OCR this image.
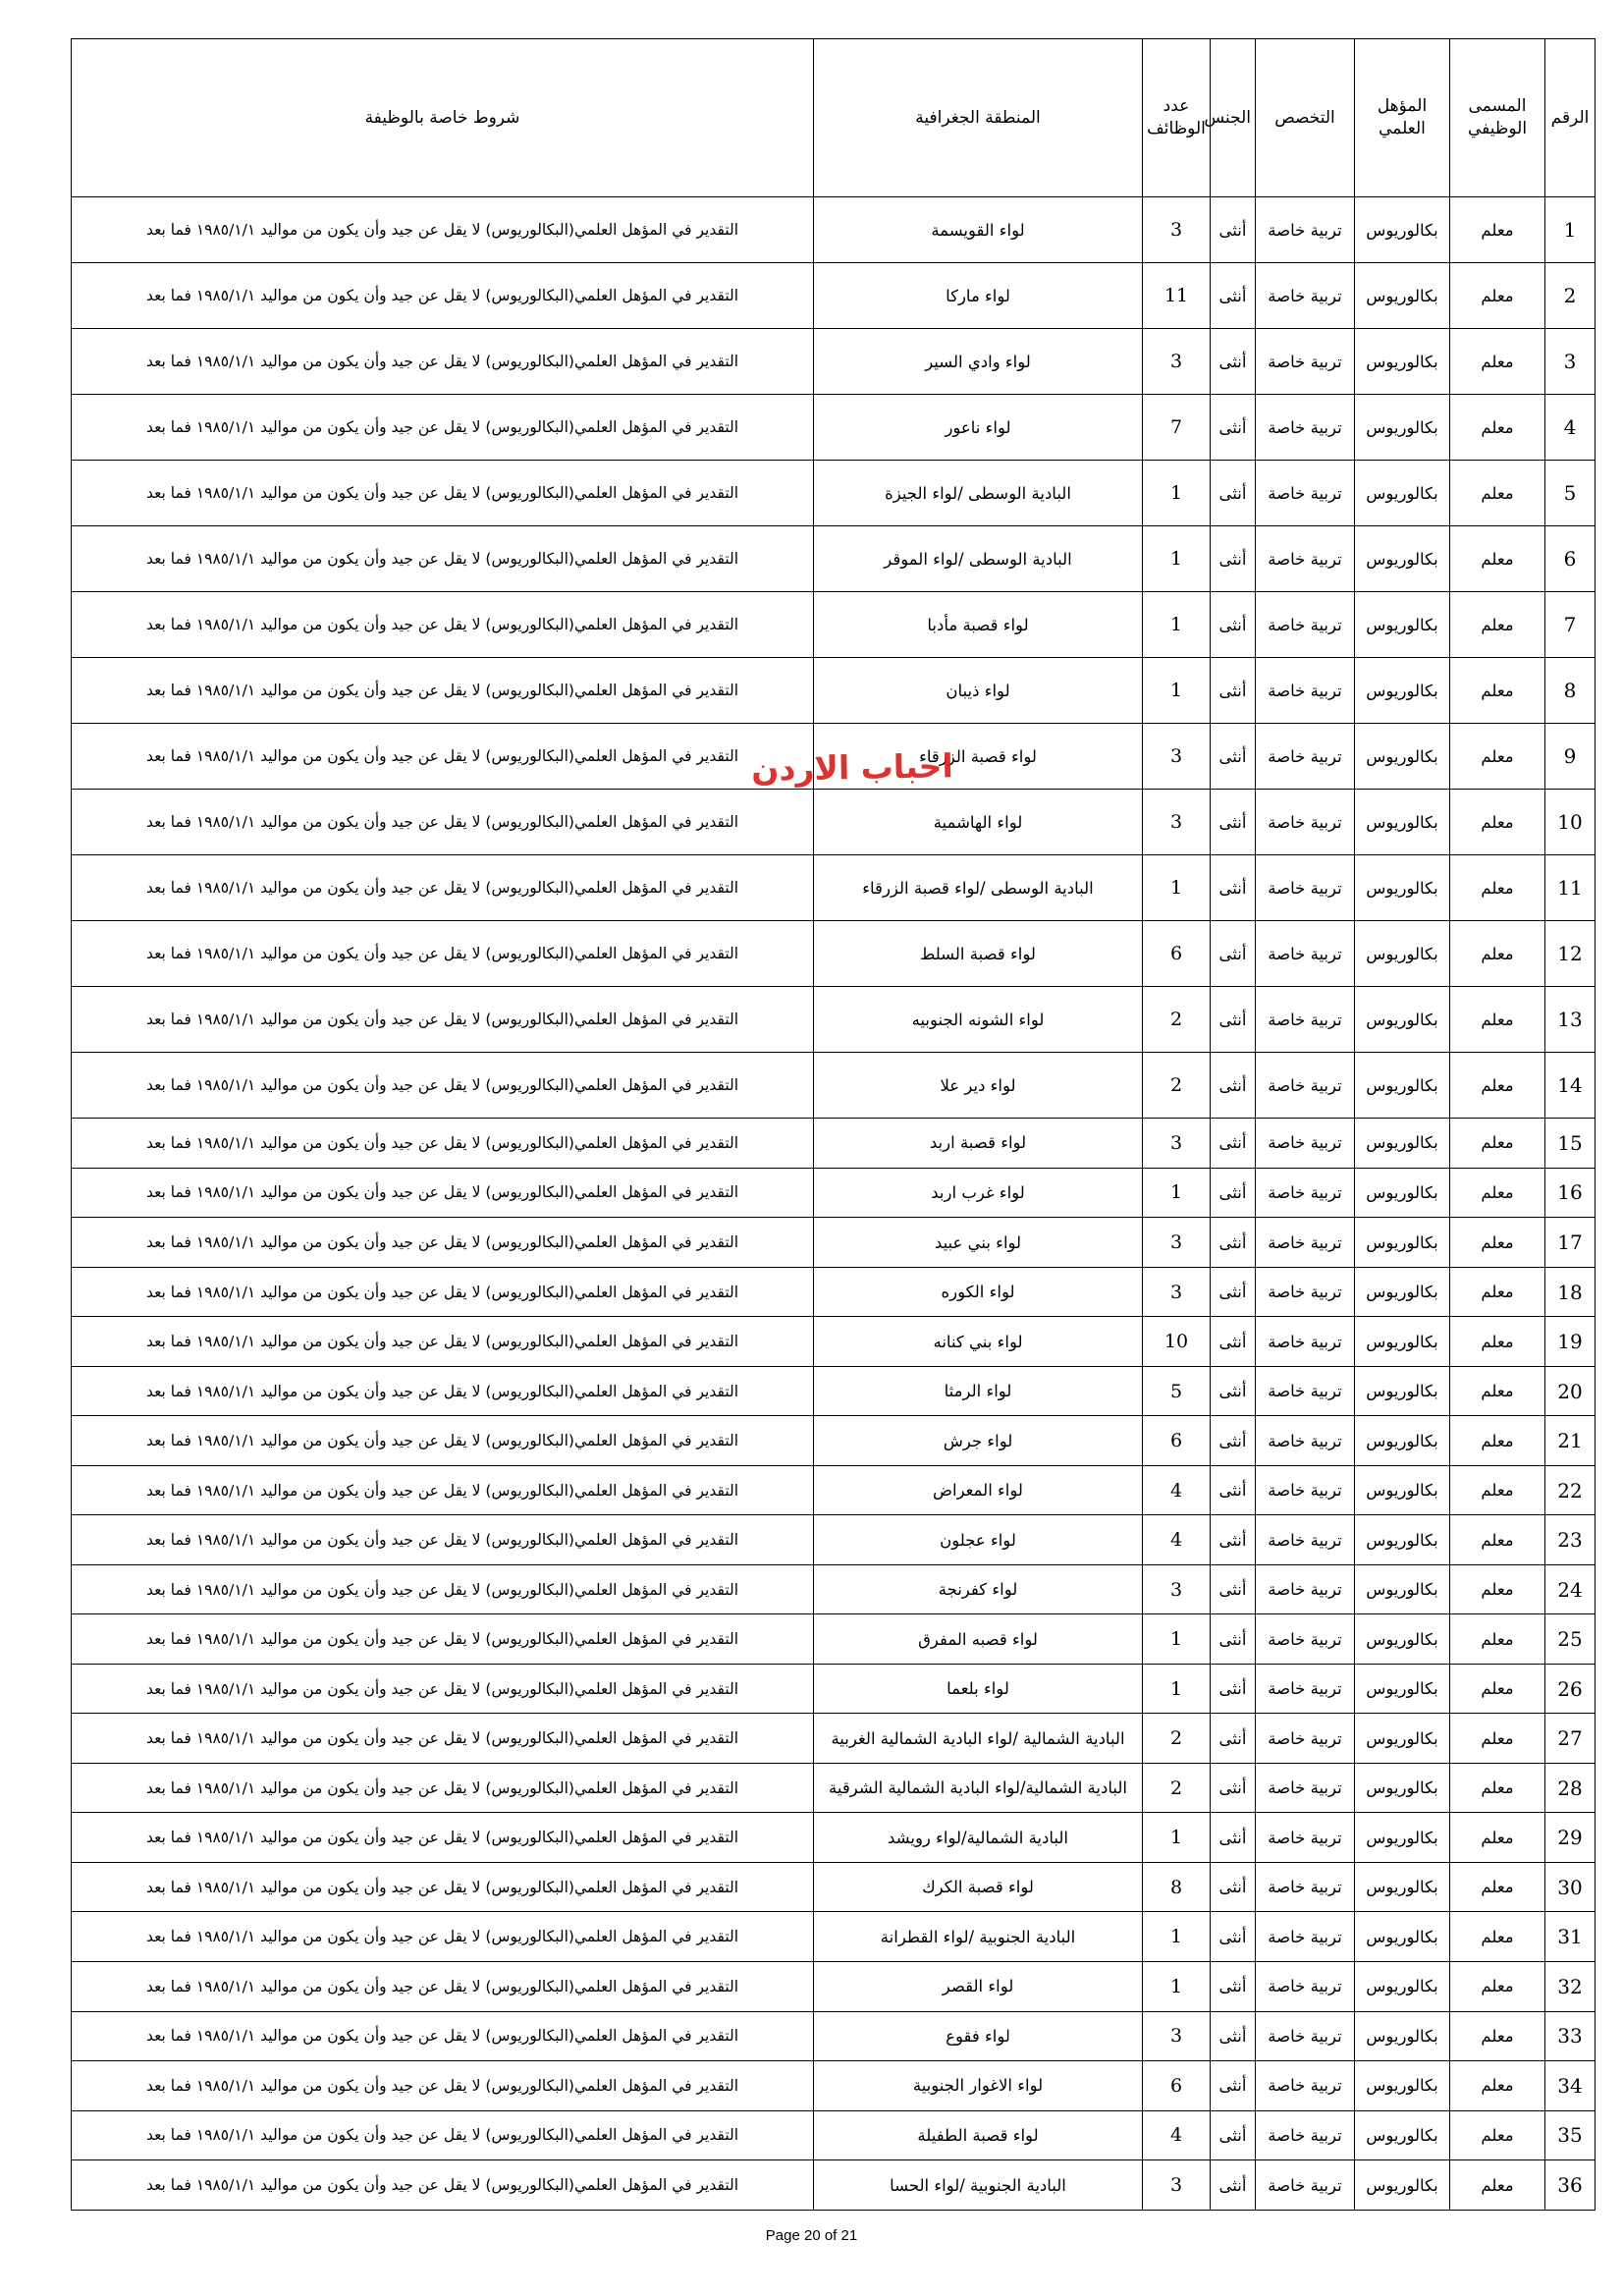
الرقم	المسمى الوظيفي	المؤهل العلمي	التخصص	الجنس	عدد الوظائف	المنطقة الجغرافية	شروط خاصة بالوظيفة
1	معلم	بكالوريوس	تربية خاصة	أنثى	3	لواء القويسمة	التقدير في المؤهل العلمي(البكالوريوس) لا يقل عن جيد وأن يكون من مواليد ١٩٨٥/١/١ فما بعد
2	معلم	بكالوريوس	تربية خاصة	أنثى	11	لواء ماركا	التقدير في المؤهل العلمي(البكالوريوس) لا يقل عن جيد وأن يكون من مواليد ١٩٨٥/١/١ فما بعد
3	معلم	بكالوريوس	تربية خاصة	أنثى	3	لواء وادي السير	التقدير في المؤهل العلمي(البكالوريوس) لا يقل عن جيد وأن يكون من مواليد ١٩٨٥/١/١ فما بعد
4	معلم	بكالوريوس	تربية خاصة	أنثى	7	لواء ناعور	التقدير في المؤهل العلمي(البكالوريوس) لا يقل عن جيد وأن يكون من مواليد ١٩٨٥/١/١ فما بعد
5	معلم	بكالوريوس	تربية خاصة	أنثى	1	البادية الوسطى /لواء الجيزة	التقدير في المؤهل العلمي(البكالوريوس) لا يقل عن جيد وأن يكون من مواليد ١٩٨٥/١/١ فما بعد
6	معلم	بكالوريوس	تربية خاصة	أنثى	1	البادية الوسطى /لواء الموقر	التقدير في المؤهل العلمي(البكالوريوس) لا يقل عن جيد وأن يكون من مواليد ١٩٨٥/١/١ فما بعد
7	معلم	بكالوريوس	تربية خاصة	أنثى	1	لواء قصبة مأدبا	التقدير في المؤهل العلمي(البكالوريوس) لا يقل عن جيد وأن يكون من مواليد ١٩٨٥/١/١ فما بعد
8	معلم	بكالوريوس	تربية خاصة	أنثى	1	لواء ذيبان	التقدير في المؤهل العلمي(البكالوريوس) لا يقل عن جيد وأن يكون من مواليد ١٩٨٥/١/١ فما بعد
9	معلم	بكالوريوس	تربية خاصة	أنثى	3	لواء قصبة الزرقاء	التقدير في المؤهل العلمي(البكالوريوس) لا يقل عن جيد وأن يكون من مواليد ١٩٨٥/١/١ فما بعد
10	معلم	بكالوريوس	تربية خاصة	أنثى	3	لواء الهاشمية	التقدير في المؤهل العلمي(البكالوريوس) لا يقل عن جيد وأن يكون من مواليد ١٩٨٥/١/١ فما بعد
11	معلم	بكالوريوس	تربية خاصة	أنثى	1	البادية الوسطى /لواء قصبة الزرقاء	التقدير في المؤهل العلمي(البكالوريوس) لا يقل عن جيد وأن يكون من مواليد ١٩٨٥/١/١ فما بعد
12	معلم	بكالوريوس	تربية خاصة	أنثى	6	لواء قصبة السلط	التقدير في المؤهل العلمي(البكالوريوس) لا يقل عن جيد وأن يكون من مواليد ١٩٨٥/١/١ فما بعد
13	معلم	بكالوريوس	تربية خاصة	أنثى	2	لواء الشونه الجنوبيه	التقدير في المؤهل العلمي(البكالوريوس) لا يقل عن جيد وأن يكون من مواليد ١٩٨٥/١/١ فما بعد
14	معلم	بكالوريوس	تربية خاصة	أنثى	2	لواء دير علا	التقدير في المؤهل العلمي(البكالوريوس) لا يقل عن جيد وأن يكون من مواليد ١٩٨٥/١/١ فما بعد
15	معلم	بكالوريوس	تربية خاصة	أنثى	3	لواء قصبة اربد	التقدير في المؤهل العلمي(البكالوريوس) لا يقل عن جيد وأن يكون من مواليد ١٩٨٥/١/١ فما بعد
16	معلم	بكالوريوس	تربية خاصة	أنثى	1	لواء غرب اربد	التقدير في المؤهل العلمي(البكالوريوس) لا يقل عن جيد وأن يكون من مواليد ١٩٨٥/١/١ فما بعد
17	معلم	بكالوريوس	تربية خاصة	أنثى	3	لواء بني عبيد	التقدير في المؤهل العلمي(البكالوريوس) لا يقل عن جيد وأن يكون من مواليد ١٩٨٥/١/١ فما بعد
18	معلم	بكالوريوس	تربية خاصة	أنثى	3	لواء الكوره	التقدير في المؤهل العلمي(البكالوريوس) لا يقل عن جيد وأن يكون من مواليد ١٩٨٥/١/١ فما بعد
19	معلم	بكالوريوس	تربية خاصة	أنثى	10	لواء بني كنانه	التقدير في المؤهل العلمي(البكالوريوس) لا يقل عن جيد وأن يكون من مواليد ١٩٨٥/١/١ فما بعد
20	معلم	بكالوريوس	تربية خاصة	أنثى	5	لواء الرمثا	التقدير في المؤهل العلمي(البكالوريوس) لا يقل عن جيد وأن يكون من مواليد ١٩٨٥/١/١ فما بعد
21	معلم	بكالوريوس	تربية خاصة	أنثى	6	لواء جرش	التقدير في المؤهل العلمي(البكالوريوس) لا يقل عن جيد وأن يكون من مواليد ١٩٨٥/١/١ فما بعد
22	معلم	بكالوريوس	تربية خاصة	أنثى	4	لواء المعراض	التقدير في المؤهل العلمي(البكالوريوس) لا يقل عن جيد وأن يكون من مواليد ١٩٨٥/١/١ فما بعد
23	معلم	بكالوريوس	تربية خاصة	أنثى	4	لواء عجلون	التقدير في المؤهل العلمي(البكالوريوس) لا يقل عن جيد وأن يكون من مواليد ١٩٨٥/١/١ فما بعد
24	معلم	بكالوريوس	تربية خاصة	أنثى	3	لواء كفرنجة	التقدير في المؤهل العلمي(البكالوريوس) لا يقل عن جيد وأن يكون من مواليد ١٩٨٥/١/١ فما بعد
25	معلم	بكالوريوس	تربية خاصة	أنثى	1	لواء قصبه المفرق	التقدير في المؤهل العلمي(البكالوريوس) لا يقل عن جيد وأن يكون من مواليد ١٩٨٥/١/١ فما بعد
26	معلم	بكالوريوس	تربية خاصة	أنثى	1	لواء بلعما	التقدير في المؤهل العلمي(البكالوريوس) لا يقل عن جيد وأن يكون من مواليد ١٩٨٥/١/١ فما بعد
27	معلم	بكالوريوس	تربية خاصة	أنثى	2	البادية الشمالية /لواء البادية الشمالية الغربية	التقدير في المؤهل العلمي(البكالوريوس) لا يقل عن جيد وأن يكون من مواليد ١٩٨٥/١/١ فما بعد
28	معلم	بكالوريوس	تربية خاصة	أنثى	2	البادية الشمالية/لواء البادية الشمالية الشرقية	التقدير في المؤهل العلمي(البكالوريوس) لا يقل عن جيد وأن يكون من مواليد ١٩٨٥/١/١ فما بعد
29	معلم	بكالوريوس	تربية خاصة	أنثى	1	البادية الشمالية/لواء رويشد	التقدير في المؤهل العلمي(البكالوريوس) لا يقل عن جيد وأن يكون من مواليد ١٩٨٥/١/١ فما بعد
30	معلم	بكالوريوس	تربية خاصة	أنثى	8	لواء قصبة الكرك	التقدير في المؤهل العلمي(البكالوريوس) لا يقل عن جيد وأن يكون من مواليد ١٩٨٥/١/١ فما بعد
31	معلم	بكالوريوس	تربية خاصة	أنثى	1	البادية الجنوبية /لواء القطرانة	التقدير في المؤهل العلمي(البكالوريوس) لا يقل عن جيد وأن يكون من مواليد ١٩٨٥/١/١ فما بعد
32	معلم	بكالوريوس	تربية خاصة	أنثى	1	لواء القصر	التقدير في المؤهل العلمي(البكالوريوس) لا يقل عن جيد وأن يكون من مواليد ١٩٨٥/١/١ فما بعد
33	معلم	بكالوريوس	تربية خاصة	أنثى	3	لواء فقوع	التقدير في المؤهل العلمي(البكالوريوس) لا يقل عن جيد وأن يكون من مواليد ١٩٨٥/١/١ فما بعد
34	معلم	بكالوريوس	تربية خاصة	أنثى	6	لواء الاغوار الجنوبية	التقدير في المؤهل العلمي(البكالوريوس) لا يقل عن جيد وأن يكون من مواليد ١٩٨٥/١/١ فما بعد
35	معلم	بكالوريوس	تربية خاصة	أنثى	4	لواء قصبة الطفيلة	التقدير في المؤهل العلمي(البكالوريوس) لا يقل عن جيد وأن يكون من مواليد ١٩٨٥/١/١ فما بعد
36	معلم	بكالوريوس	تربية خاصة	أنثى	3	البادية الجنوبية /لواء الحسا	التقدير في المؤهل العلمي(البكالوريوس) لا يقل عن جيد وأن يكون من مواليد ١٩٨٥/١/١ فما بعد
احباب الاردن
Page 20 of 21
